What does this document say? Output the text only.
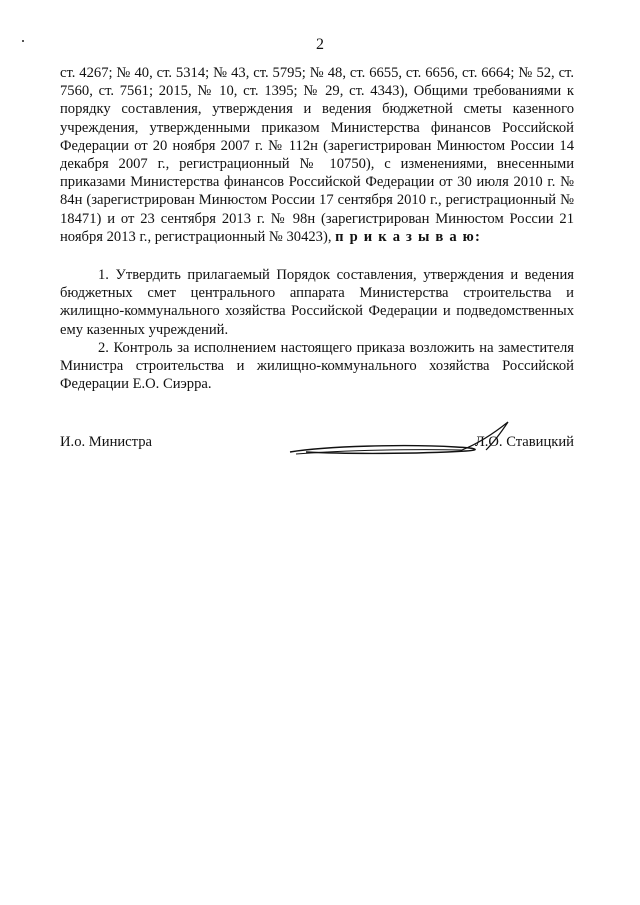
2

ст. 4267; № 40, ст. 5314; № 43, ст. 5795; № 48, ст. 6655, ст. 6656, ст. 6664; № 52, ст. 7560, ст. 7561; 2015, № 10, ст. 1395; № 29, ст. 4343), Общими требованиями к порядку составления, утверждения и ведения бюджетной сметы казенного учреждения, утвержденными приказом Министерства финансов Российской Федерации от 20 ноября 2007 г. № 112н (зарегистрирован Минюстом России 14 декабря 2007 г., регистрационный № 10750), с изменениями, внесенными приказами Министерства финансов Российской Федерации от 30 июля 2010 г. № 84н (зарегистрирован Минюстом России 17 сентября 2010 г., регистрационный № 18471) и от 23 сентября 2013 г. № 98н (зарегистрирован Минюстом России 21 ноября 2013 г., регистрационный № 30423), п р и к а з ы в а ю:

1. Утвердить прилагаемый Порядок составления, утверждения и ведения бюджетных смет центрального аппарата Министерства строительства и жилищно-коммунального хозяйства Российской Федерации и подведомственных ему казенных учреждений.

2. Контроль за исполнением настоящего приказа возложить на заместителя Министра строительства и жилищно-коммунального хозяйства Российской Федерации Е.О. Сиэрра.

И.о. Министра	Л.О. Ставицкий
